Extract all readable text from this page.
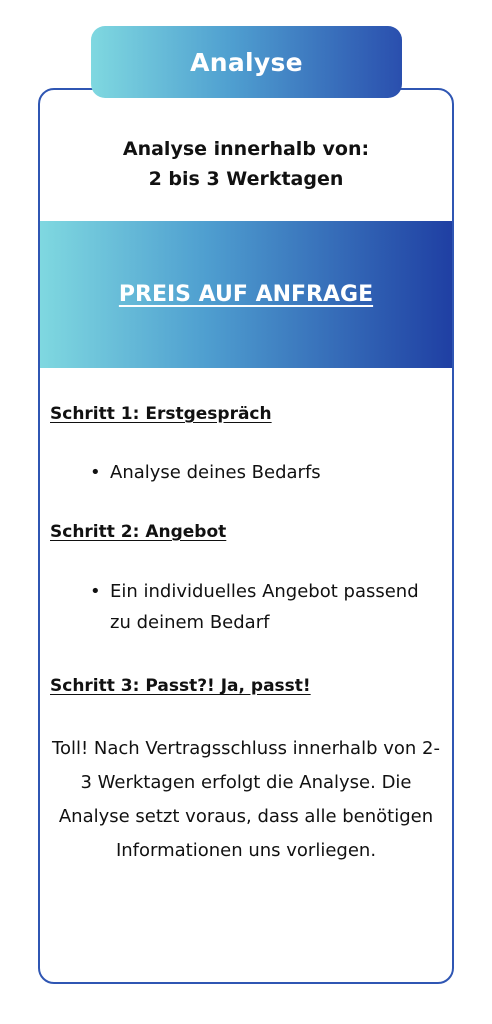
Analyse
Analyse innerhalb von:
2 bis 3 Werktagen
PREIS AUF ANFRAGE
Schritt 1: Erstgespräch
• Analyse deines Bedarfs
Schritt 2: Angebot
• Ein individuelles Angebot passend zu deinem Bedarf
Schritt 3: Passt?! Ja, passt!
Toll! Nach Vertragsschluss innerhalb von 2-3 Werktagen erfolgt die Analyse. Die Analyse setzt voraus, dass alle benötigen Informationen uns vorliegen.
